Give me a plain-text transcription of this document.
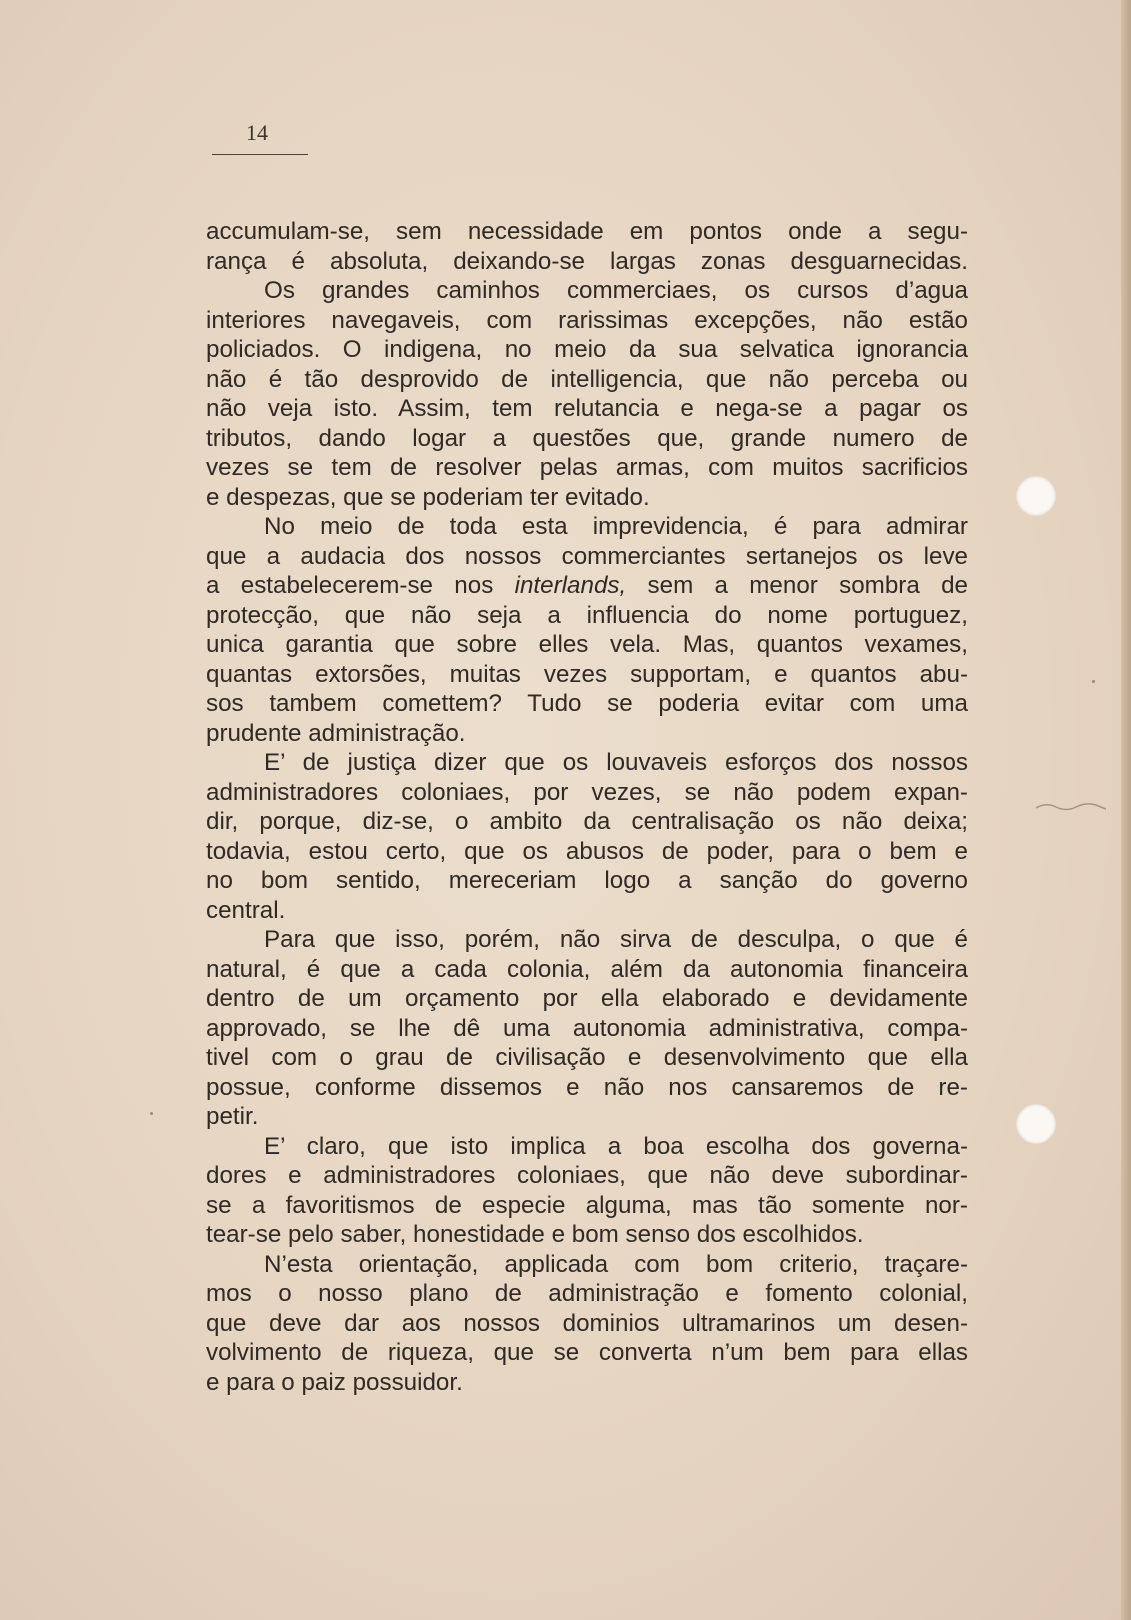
14
accumulam-se, sem necessidade em pontos onde a segu-
rança é absoluta, deixando-se largas zonas desguarnecidas.
Os grandes caminhos commerciaes, os cursos d’agua
interiores navegaveis, com rarissimas excepções, não estão
policiados. O indigena, no meio da sua selvatica ignorancia
não é tão desprovido de intelligencia, que não perceba ou
não veja isto. Assim, tem relutancia e nega-se a pagar os
tributos, dando logar a questões que, grande numero de
vezes se tem de resolver pelas armas, com muitos sacrificios
e despezas, que se poderiam ter evitado.
No meio de toda esta imprevidencia, é para admirar
que a audacia dos nossos commerciantes sertanejos os leve
a estabelecerem-se nos interlands, sem a menor sombra de
protecção, que não seja a influencia do nome portuguez,
unica garantia que sobre elles vela. Mas, quantos vexames,
quantas extorsões, muitas vezes supportam, e quantos abu-
sos tambem comettem? Tudo se poderia evitar com uma
prudente administração.
E’ de justiça dizer que os louvaveis esforços dos nossos
administradores coloniaes, por vezes, se não podem expan-
dir, porque, diz-se, o ambito da centralisação os não deixa;
todavia, estou certo, que os abusos de poder, para o bem e
no bom sentido, mereceriam logo a sanção do governo
central.
Para que isso, porém, não sirva de desculpa, o que é
natural, é que a cada colonia, além da autonomia financeira
dentro de um orçamento por ella elaborado e devidamente
approvado, se lhe dê uma autonomia administrativa, compa-
tivel com o grau de civilisação e desenvolvimento que ella
possue, conforme dissemos e não nos cansaremos de re-
petir.
E’ claro, que isto implica a boa escolha dos governa-
dores e administradores coloniaes, que não deve subordinar-
se a favoritismos de especie alguma, mas tão somente nor-
tear-se pelo saber, honestidade e bom senso dos escolhidos.
N’esta orientação, applicada com bom criterio, traçare-
mos o nosso plano de administração e fomento colonial,
que deve dar aos nossos dominios ultramarinos um desen-
volvimento de riqueza, que se converta n’um bem para ellas
e para o paiz possuidor.
